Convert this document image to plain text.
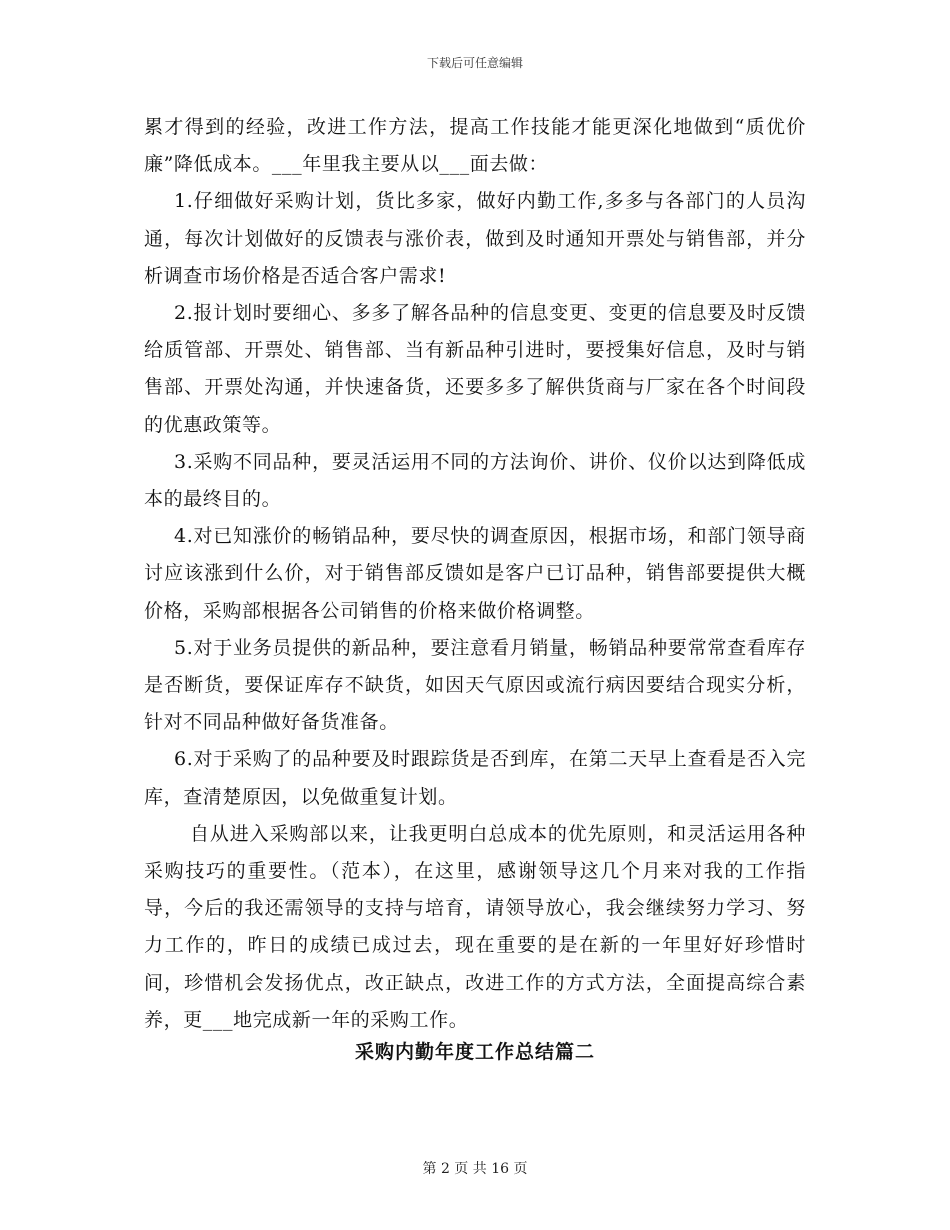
下载后可任意编辑

累才得到的经验，改进工作方法，提高工作技能才能更深化地做到“质优价廉”降低成本。___年里我主要从以___面去做：

1.仔细做好采购计划，货比多家，做好内勤工作,多多与各部门的人员沟通，每次计划做好的反馈表与涨价表，做到及时通知开票处与销售部，并分析调查市场价格是否适合客户需求!

2.报计划时要细心、多多了解各品种的信息变更、变更的信息要及时反馈给质管部、开票处、销售部、当有新品种引进时，要授集好信息，及时与销售部、开票处沟通，并快速备货，还要多多了解供货商与厂家在各个时间段的优惠政策等。

3.采购不同品种，要灵活运用不同的方法询价、讲价、仪价以达到降低成本的最终目的。

4.对已知涨价的畅销品种，要尽快的调查原因，根据市场，和部门领导商讨应该涨到什么价，对于销售部反馈如是客户已订品种，销售部要提供大概价格，采购部根据各公司销售的价格来做价格调整。

5.对于业务员提供的新品种，要注意看月销量，畅销品种要常常查看库存是否断货，要保证库存不缺货，如因天气原因或流行病因要结合现实分析，针对不同品种做好备货准备。

6.对于采购了的品种要及时跟踪货是否到库，在第二天早上查看是否入完库，查清楚原因，以免做重复计划。

自从进入采购部以来，让我更明白总成本的优先原则，和灵活运用各种采购技巧的重要性。（范本），在这里，感谢领导这几个月来对我的工作指导，今后的我还需领导的支持与培育，请领导放心，我会继续努力学习、努力工作的，昨日的成绩已成过去，现在重要的是在新的一年里好好珍惜时间，珍惜机会发扬优点，改正缺点，改进工作的方式方法，全面提高综合素养，更___地完成新一年的采购工作。

采购内勤年度工作总结篇二
第 2 页 共 16 页
